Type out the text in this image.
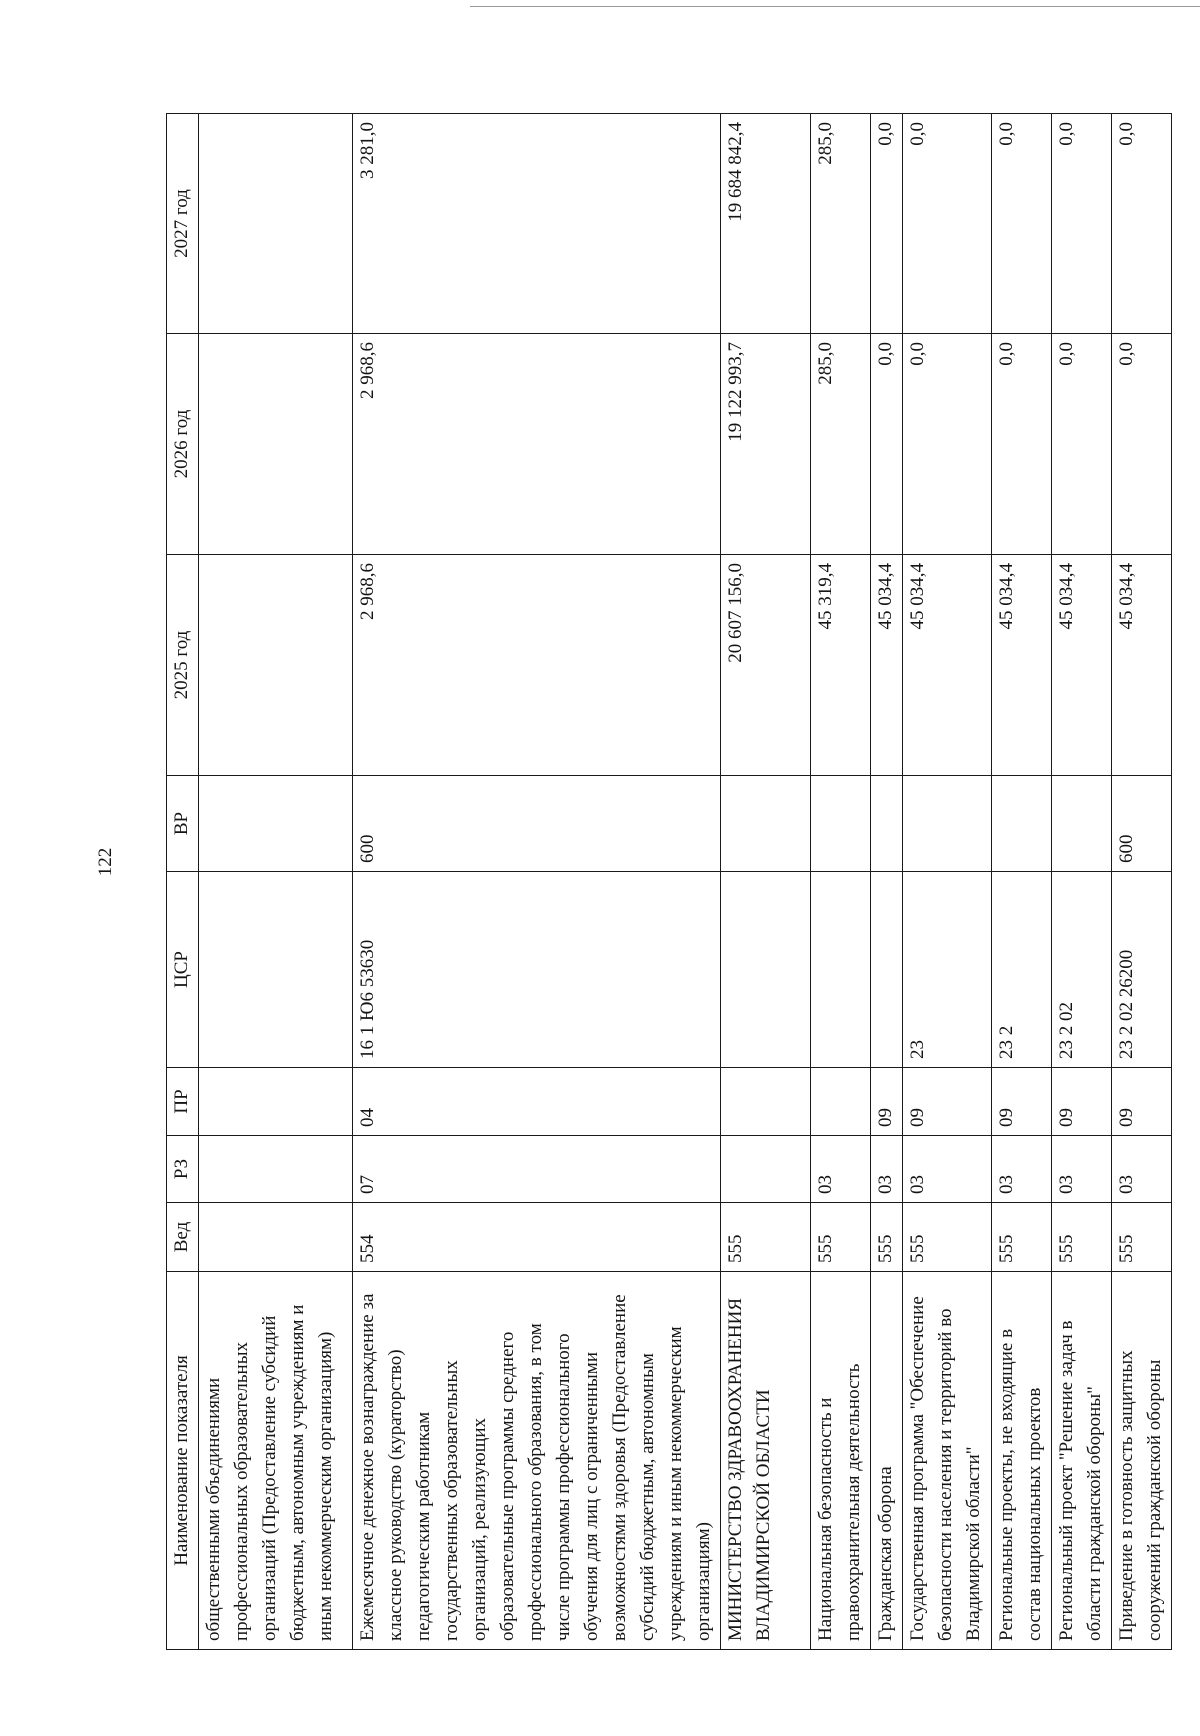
122
Наименование показателя	Вед	РЗ	ПР	ЦСР	ВР	2025 год	2026 год	2027 год
общественными объединениями профессиональных образовательных организаций (Предоставление субсидий бюджетным, автономным учреждениям и иным некоммерческим организациям)								
Ежемесячное денежное вознаграждение за классное руководство (кураторство) педагогическим работникам государственных образовательных организаций, реализующих образовательные программы среднего профессионального образования, в том числе программы профессионального обучения для лиц с ограниченными возможностями здоровья (Предоставление субсидий бюджетным, автономным учреждениям и иным некоммерческим организациям)	554	07	04	16 1 Ю6 53630	600	2 968,6	2 968,6	3 281,0
МИНИСТЕРСТВО ЗДРАВООХРАНЕНИЯ ВЛАДИМИРСКОЙ ОБЛАСТИ	555					20 607 156,0	19 122 993,7	19 684 842,4
Национальная безопасность и правоохранительная деятельность	555	03				45 319,4	285,0	285,0
Гражданская оборона	555	03	09			45 034,4	0,0	0,0
Государственная программа "Обеспечение безопасности населения и территорий во Владимирской области"	555	03	09	23		45 034,4	0,0	0,0
Региональные проекты, не входящие в состав национальных проектов	555	03	09	23 2		45 034,4	0,0	0,0
Региональный проект "Решение задач в области гражданской обороны"	555	03	09	23 2 02		45 034,4	0,0	0,0
Приведение в готовность защитных сооружений гражданской обороны	555	03	09	23 2 02 26200	600	45 034,4	0,0	0,0
